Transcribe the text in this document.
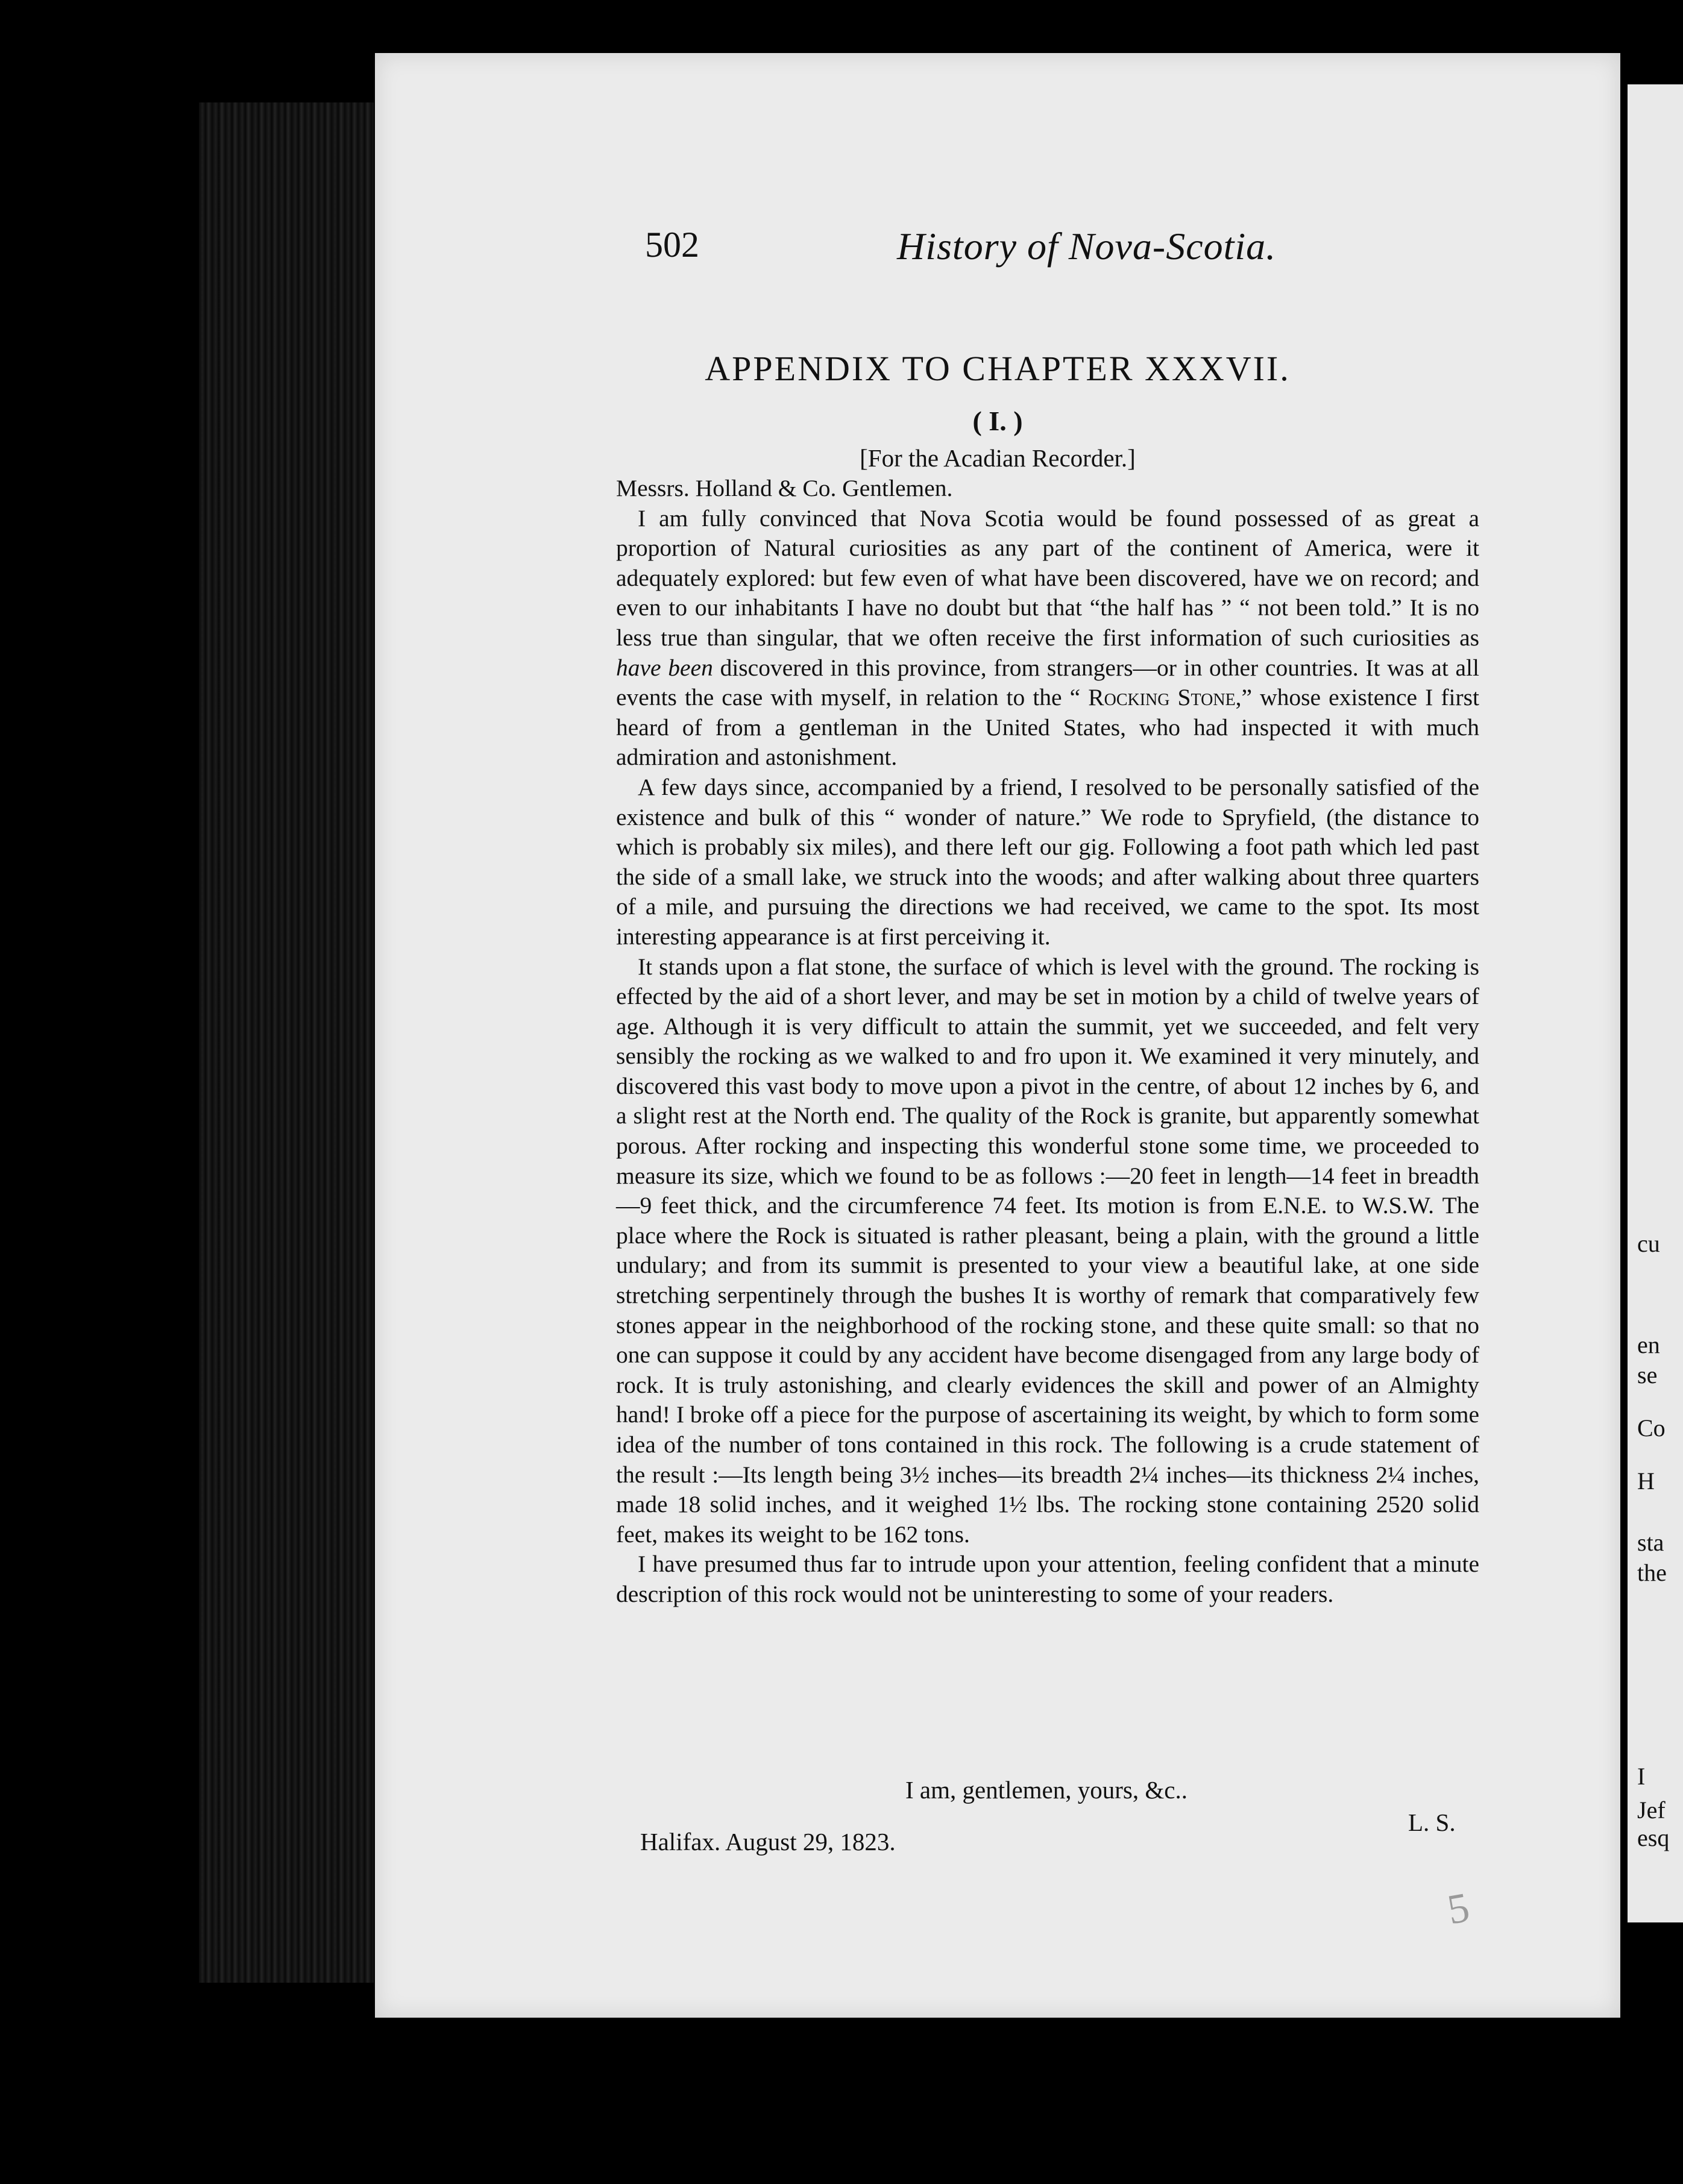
cu
en
se
Co
H
sta
the
I
Jef
esq
502	History of Nova-Scotia.
APPENDIX TO CHAPTER XXXVII.
( I. )
[For the Acadian Recorder.]

Messrs. Holland & Co. Gentlemen.

I am fully convinced that Nova Scotia would be found possessed of as great a proportion of Natural curiosities as any part of the continent of America, were it adequately explored: but few even of what have been discovered, have we on record; and even to our inhabitants I have no doubt but that “the half has ” “ not been told.” It is no less true than singular, that we often receive the first information of such curiosities as have been discovered in this province, from strangers—or in other countries. It was at all events the case with myself, in relation to the “ Rocking Stone,” whose existence I first heard of from a gentleman in the United States, who had inspected it with much admiration and astonishment.

A few days since, accompanied by a friend, I resolved to be personally satisfied of the existence and bulk of this “ wonder of nature.” We rode to Spryfield, (the distance to which is probably six miles), and there left our gig. Following a foot path which led past the side of a small lake, we struck into the woods; and after walking about three quarters of a mile, and pursuing the directions we had received, we came to the spot. Its most interesting appearance is at first perceiving it.

It stands upon a flat stone, the surface of which is level with the ground. The rocking is effected by the aid of a short lever, and may be set in motion by a child of twelve years of age. Although it is very difficult to attain the summit, yet we succeeded, and felt very sensibly the rocking as we walked to and fro upon it. We examined it very minutely, and discovered this vast body to move upon a pivot in the centre, of about 12 inches by 6, and a slight rest at the North end. The quality of the Rock is granite, but apparently somewhat porous. After rocking and inspecting this wonderful stone some time, we proceeded to measure its size, which we found to be as follows :—20 feet in length—14 feet in breadth—9 feet thick, and the circumference 74 feet. Its motion is from E.N.E. to W.S.W. The place where the Rock is situated is rather pleasant, being a plain, with the ground a little undulary; and from its summit is presented to your view a beautiful lake, at one side stretching serpentinely through the bushes It is worthy of remark that comparatively few stones appear in the neighborhood of the rocking stone, and these quite small: so that no one can suppose it could by any accident have become disengaged from any large body of rock. It is truly astonishing, and clearly evidences the skill and power of an Almighty hand! I broke off a piece for the purpose of ascertaining its weight, by which to form some idea of the number of tons contained in this rock. The following is a crude statement of the result :—Its length being 3½ inches—its breadth 2¼ inches—its thickness 2¼ inches, made 18 solid inches, and it weighed 1½ lbs. The rocking stone containing 2520 solid feet, makes its weight to be 162 tons.

I have presumed thus far to intrude upon your attention, feeling confident that a minute description of this rock would not be uninteresting to some of your readers.

I am, gentlemen, yours, &c..
L. S.
Halifax. August 29, 1823.
5
